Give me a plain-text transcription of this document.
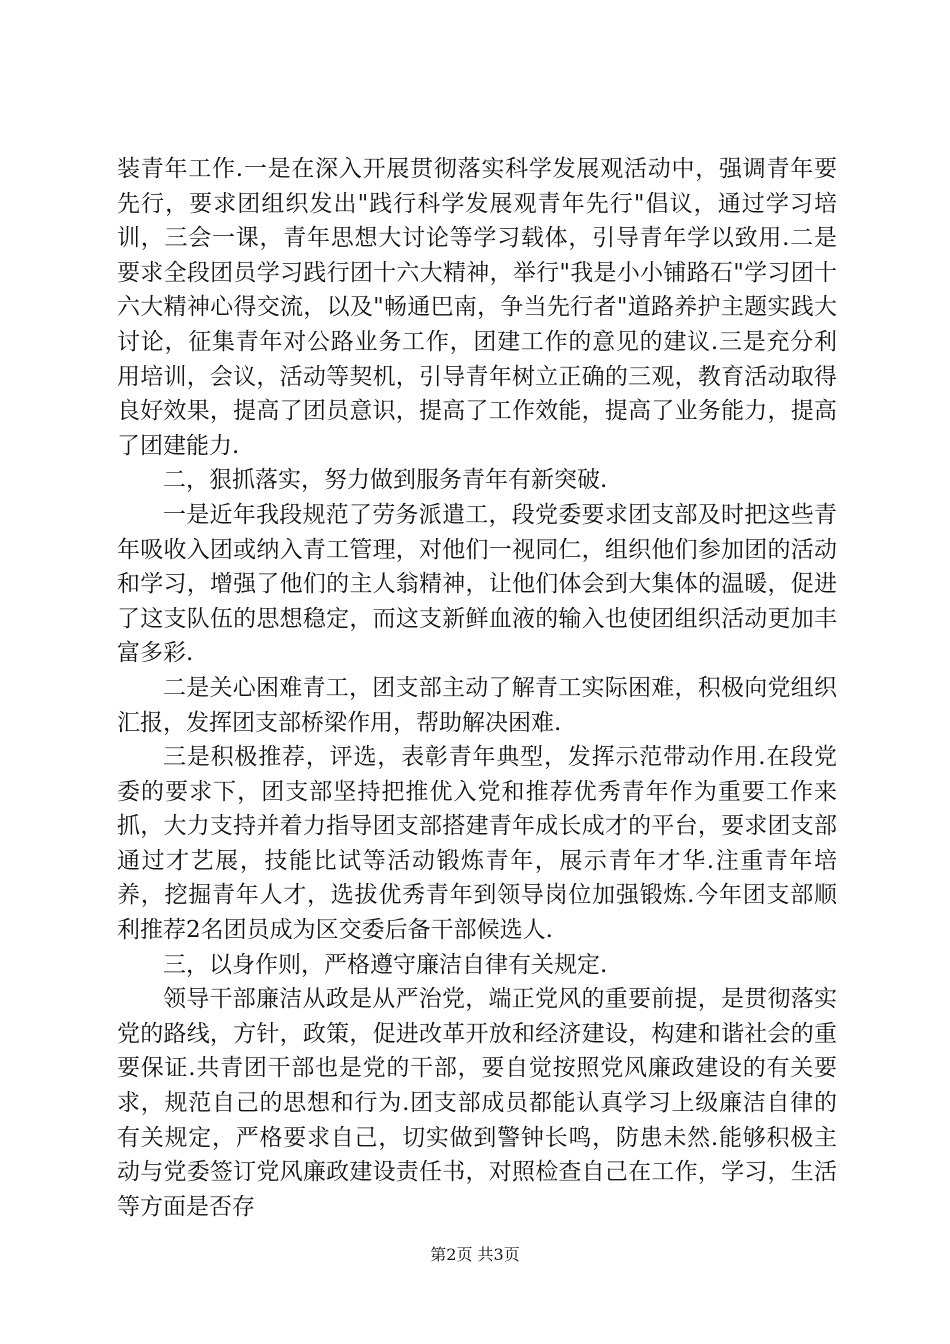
装青年工作.一是在深入开展贯彻落实科学发展观活动中，强调青年要先行，要求团组织发出"践行科学发展观青年先行"倡议，通过学习培训，三会一课，青年思想大讨论等学习载体，引导青年学以致用.二是要求全段团员学习践行团十六大精神，举行"我是小小铺路石"学习团十六大精神心得交流，以及"畅通巴南，争当先行者"道路养护主题实践大讨论，征集青年对公路业务工作，团建工作的意见的建议.三是充分利用培训，会议，活动等契机，引导青年树立正确的三观，教育活动取得良好效果，提高了团员意识，提高了工作效能，提高了业务能力，提高了团建能力.

二，狠抓落实，努力做到服务青年有新突破.

一是近年我段规范了劳务派遣工，段党委要求团支部及时把这些青年吸收入团或纳入青工管理，对他们一视同仁，组织他们参加团的活动和学习，增强了他们的主人翁精神，让他们体会到大集体的温暖，促进了这支队伍的思想稳定，而这支新鲜血液的输入也使团组织活动更加丰富多彩.

二是关心困难青工，团支部主动了解青工实际困难，积极向党组织汇报，发挥团支部桥梁作用，帮助解决困难.

三是积极推荐，评选，表彰青年典型，发挥示范带动作用.在段党委的要求下，团支部坚持把推优入党和推荐优秀青年作为重要工作来抓，大力支持并着力指导团支部搭建青年成长成才的平台，要求团支部通过才艺展，技能比试等活动锻炼青年，展示青年才华.注重青年培养，挖掘青年人才，选拔优秀青年到领导岗位加强锻炼.今年团支部顺利推荐2名团员成为区交委后备干部候选人.

三，以身作则，严格遵守廉洁自律有关规定.

领导干部廉洁从政是从严治党，端正党风的重要前提，是贯彻落实党的路线，方针，政策，促进改革开放和经济建设，构建和谐社会的重要保证.共青团干部也是党的干部，要自觉按照党风廉政建设的有关要求，规范自己的思想和行为.团支部成员都能认真学习上级廉洁自律的有关规定，严格要求自己，切实做到警钟长鸣，防患未然.能够积极主动与党委签订党风廉政建设责任书，对照检查自己在工作，学习，生活等方面是否存

第2页 共3页
